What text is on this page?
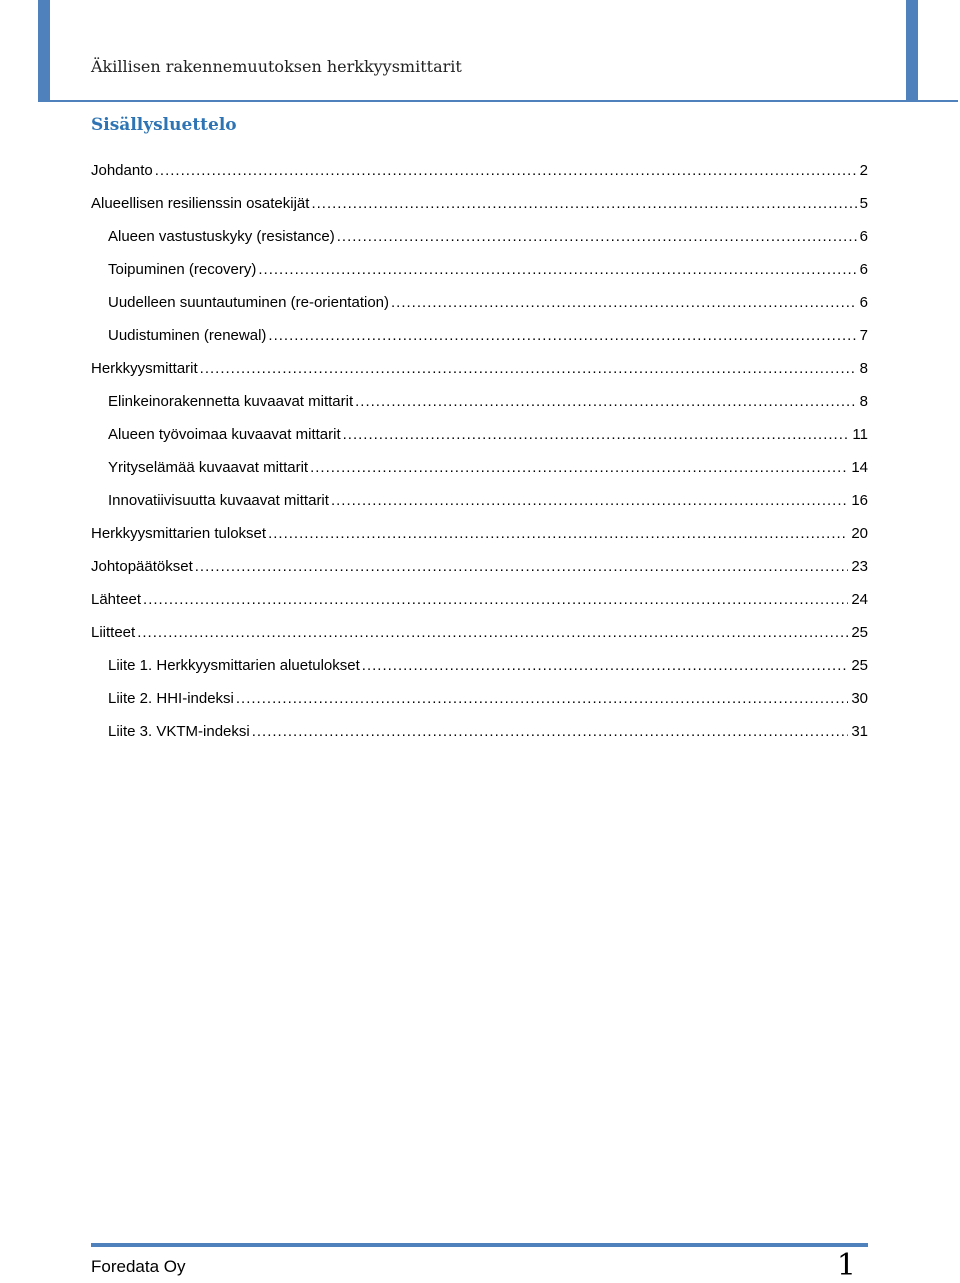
Äkillisen rakennemuutoksen herkkyysmittarit
Sisällysluettelo
Johdanto .....	2
Alueellisen resilienssin osatekijät .....	5
Alueen vastustuskyky (resistance) .....	6
Toipuminen (recovery) .....	6
Uudelleen suuntautuminen (re-orientation) .....	6
Uudistuminen (renewal) .....	7
Herkkyysmittarit .....	8
Elinkeinorakennetta kuvaavat mittarit .....	8
Alueen työvoimaa kuvaavat mittarit .....	11
Yrityselämää kuvaavat mittarit .....	14
Innovatiivisuutta kuvaavat mittarit .....	16
Herkkyysmittarien tulokset .....	20
Johtopäätökset .....	23
Lähteet .....	24
Liitteet .....	25
Liite 1. Herkkyysmittarien aluetulokset .....	25
Liite 2. HHI-indeksi .....	30
Liite 3. VKTM-indeksi .....	31
Foredata Oy	1
